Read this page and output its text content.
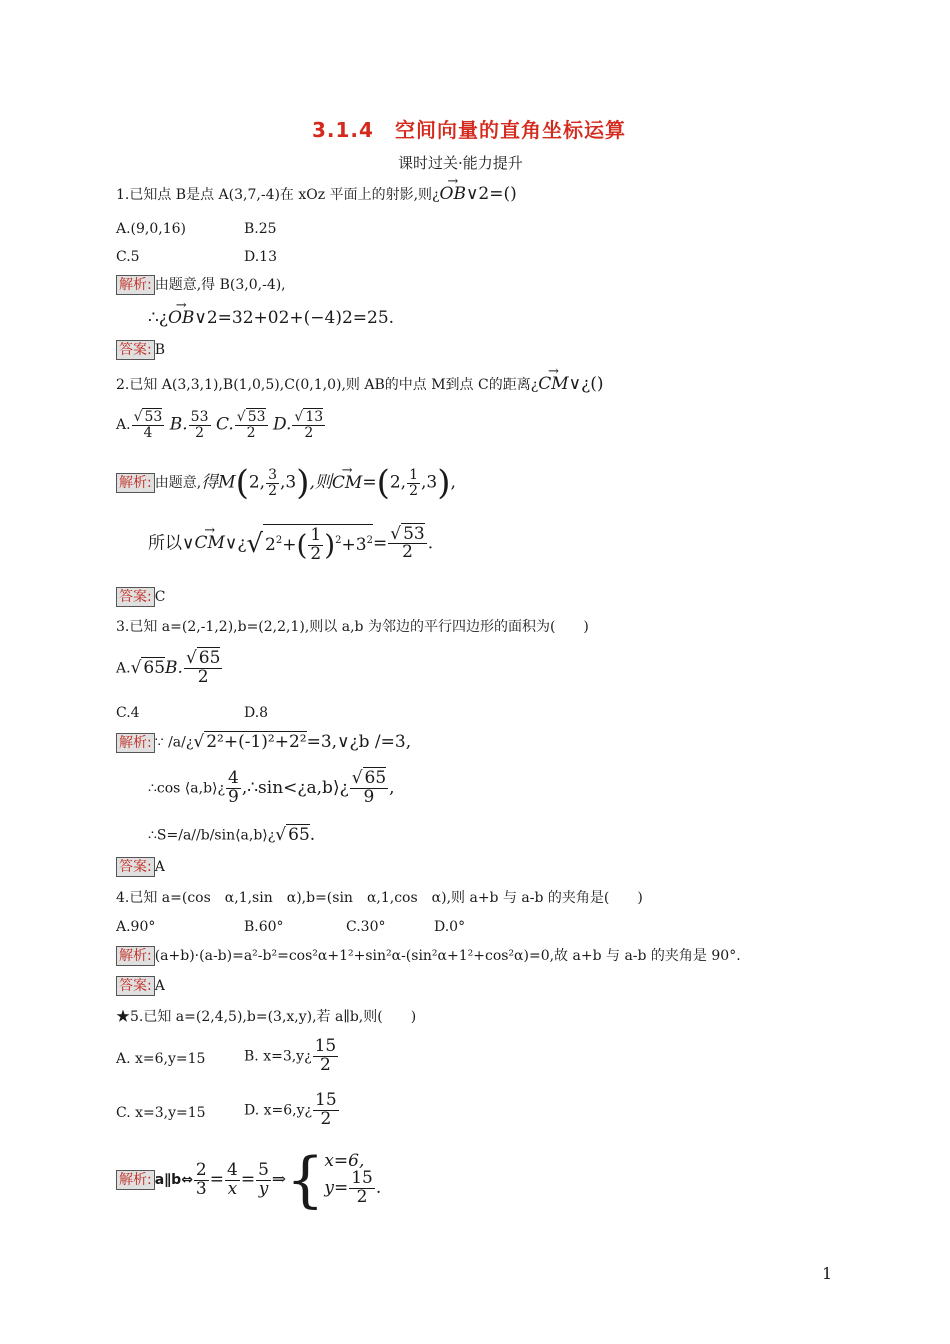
3.1.4　空间向量的直角坐标运算
课时过关·能力提升
1.已知点 B是点 A(3,7,-4)在 xOz 平面上的射影,则¿→ OB∨2=()
A.(9,0,16)	B.25
C.5	D.13
解析: 由题意,得 B(3,0,-4),
∴¿→ OB∨2=32+02+(−4)2=25.
答案: B
2.已知 A(3,3,1),B(1,0,5),C(0,1,0),则 AB的中点 M到点 C的距离¿→ CM∨¿()
A. $\frac{√ 53}{4} B$. $\frac{53}{2} C$. $\frac{√ 53}{2} D$. $\frac{√ 13}{2}$
解析: 由题意,得M(2, $\frac{3}{2} ,3$),则→ CM=(2, $\frac{1}{2} ,3$),
所以∨→ CM∨¿√ $2^2+( \frac{1}{2} )^2+3^2= \frac{√ 53}{2}$ .
答案: C
3.已知 a=(2,-1,2),b=(2,2,1),则以 a,b 为邻边的平行四边形的面积为(　　)
A.√ 65B. $\frac{√ 65}{2}$
C.4	D.8
解析: ∵ /a/¿√ 2²+(-1)²+2²=3,∨¿b /=3,
∴cos ⟨a,b⟩¿ $\frac{4}{9}$ ,∴sin<¿a,b⟩¿ $\frac{√ 65}{9}$ ,
∴S=/a//b/sin⟨a,b⟩¿√ 65.
答案: A
4.已知 a=(cos　α,1,sin　α),b=(sin　α,1,cos　α),则 a+b 与 a-b 的夹角是(　　)
A.90°	B.60°	C.30°	D.0°
解析: (a+b)·(a-b)=a²-b²=cos²α+1²+sin²α-(sin²α+1²+cos²α)=0,故 a+b 与 a-b 的夹角是 90°.
答案: A
★5.已知 a=(2,4,5),b=(3,x,y),若 a∥b,则(　　)
A. x=6,y=15	B. x=3,y¿ $\frac{15}{2}$
C. x=3,y=15	D. x=6,y¿ $\frac{15}{2}$
解析: a∥b⇔ $\frac{2}{3} = \frac{4}{x}=$ $\frac{5}{y}\Rightarrow${ x=6,
$y= \frac{15}{2}$ .
1
